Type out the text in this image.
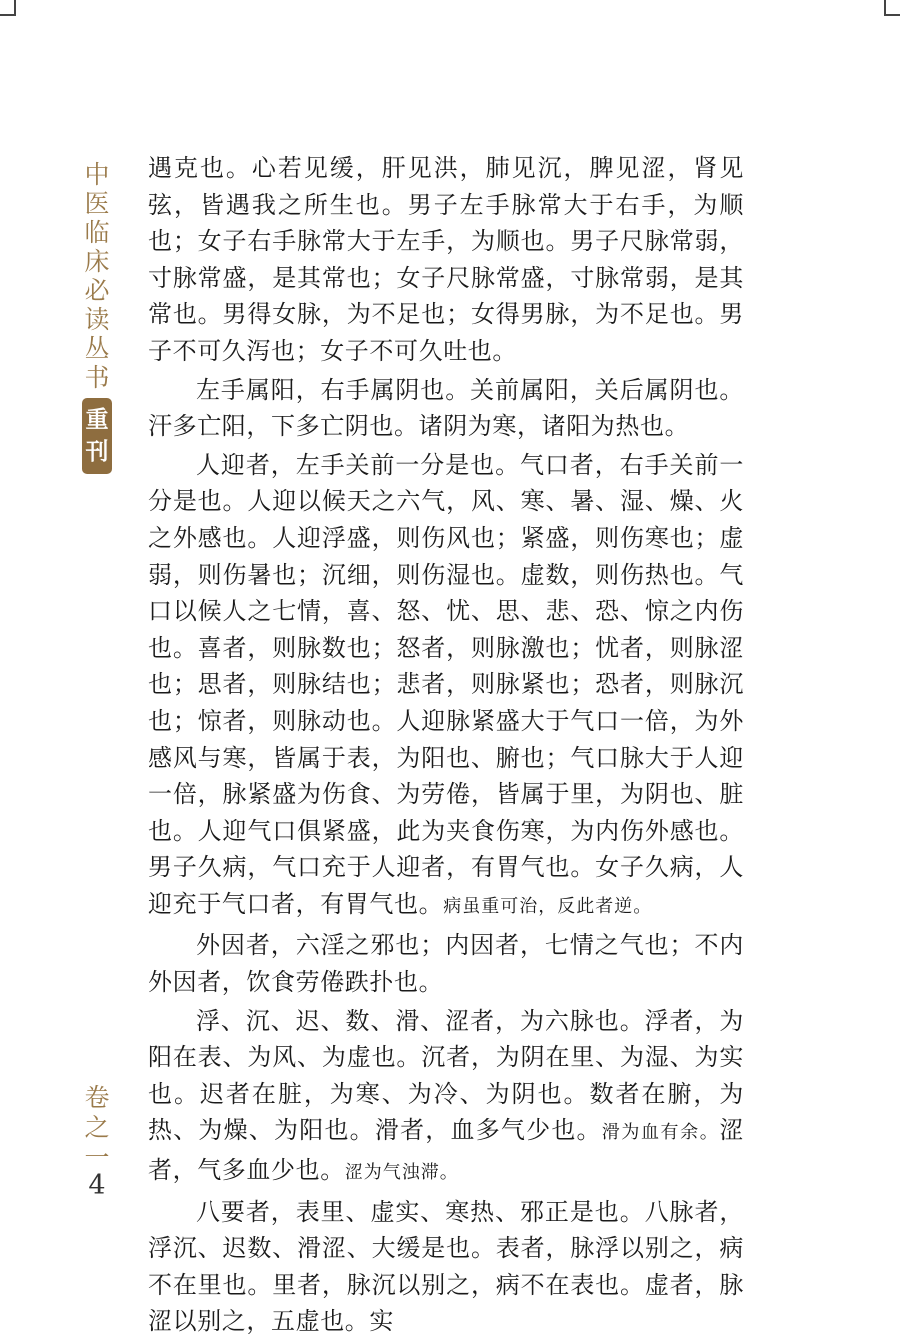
中
医
临
床
必
读
丛
书
重
刊

遇克也。心若见缓，肝见洪，肺见沉，脾见涩，肾见弦，皆遇我之所生也。男子左手脉常大于右手，为顺也；女子右手脉常大于左手，为顺也。男子尺脉常弱，寸脉常盛，是其常也；女子尺脉常盛，寸脉常弱，是其常也。男得女脉，为不足也；女得男脉，为不足也。男子不可久泻也；女子不可久吐也。

左手属阳，右手属阴也。关前属阳，关后属阴也。汗多亡阳，下多亡阴也。诸阴为寒，诸阳为热也。

人迎者，左手关前一分是也。气口者，右手关前一分是也。人迎以候天之六气，风、寒、暑、湿、燥、火之外感也。人迎浮盛，则伤风也；紧盛，则伤寒也；虚弱，则伤暑也；沉细，则伤湿也。虚数，则伤热也。气口以候人之七情，喜、怒、忧、思、悲、恐、惊之内伤也。喜者，则脉数也；怒者，则脉激也；忧者，则脉涩也；思者，则脉结也；悲者，则脉紧也；恐者，则脉沉也；惊者，则脉动也。人迎脉紧盛大于气口一倍，为外感风与寒，皆属于表，为阳也、腑也；气口脉大于人迎一倍，脉紧盛为伤食、为劳倦，皆属于里，为阴也、脏也。人迎气口俱紧盛，此为夹食伤寒，为内伤外感也。男子久病，气口充于人迎者，有胃气也。女子久病，人迎充于气口者，有胃气也。病虽重可治，反此者逆。

外因者，六淫之邪也；内因者，七情之气也；不内外因者，饮食劳倦跌扑也。

浮、沉、迟、数、滑、涩者，为六脉也。浮者，为阳在表、为风、为虚也。沉者，为阴在里、为湿、为实也。迟者在脏，为寒、为冷、为阴也。数者在腑，为热、为燥、为阳也。滑者，血多气少也。滑为血有余。涩者，气多血少也。涩为气浊滞。

八要者，表里、虚实、寒热、邪正是也。八脉者，浮沉、迟数、滑涩、大缓是也。表者，脉浮以别之，病不在里也。里者，脉沉以别之，病不在表也。虚者，脉涩以别之，五虚也。实

卷
之
一
4
